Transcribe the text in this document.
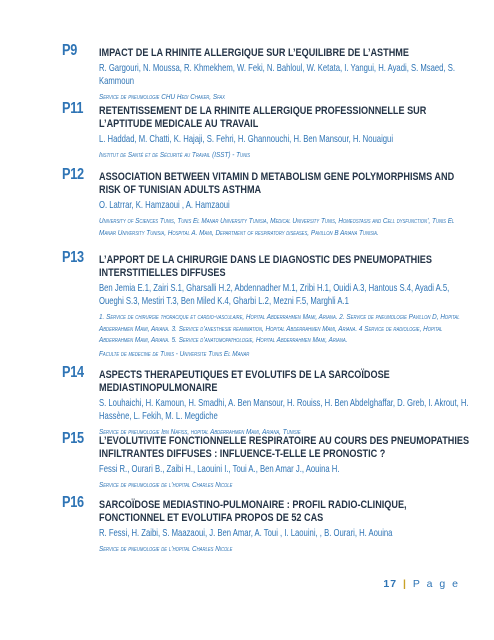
P9	IMPACT DE LA RHINITE ALLERGIQUE SUR L’EQUILIBRE DE L’ASTHME
R. Gargouri, N. Moussa, R. Khmekhem, W. Feki, N. Bahloul, W. Ketata, I. Yangui, H. Ayadi, S. Msaed, S. Kammoun
Service de pneumologie CHU Hedi Chaker, Sfax
P11	RETENTISSEMENT DE LA RHINITE ALLERGIQUE PROFESSIONNELLE SUR L’APTITUDE MEDICALE AU TRAVAIL
L. Haddad, M. Chatti, K. Hajaji, S. Fehri, H. Ghannouchi, H. Ben Mansour, H. Nouaigui
Institut de Santé et de Sécurité au Travail (ISST) - Tunis
P12	ASSOCIATION BETWEEN VITAMIN D METABOLISM GENE POLYMORPHISMS AND RISK OF TUNISIAN ADULTS ASTHMA
O. Latrrar, K. Hamzaoui , A. Hamzaoui
University of Sciences Tunis, Tunis El Manar University Tunisia, Medical University Tunis, Homeostasis and Cell dysfunction’, Tunis El Manar University Tunisia, Hospital A. Mami, Department of respiratory diseases, Pavillon B Ariana Tunisia.
P13	L’APPORT DE LA CHIRURGIE DANS LE DIAGNOSTIC DES PNEUMOPATHIES INTERSTITIELLES DIFFUSES
Ben Jemia E.1, Zairi S.1, Gharsalli H.2, Abdennadher M.1, Zribi H.1, Ouidi A.3, Hantous S.4, Ayadi A.5, Oueghi S.3, Mestiri T.3, Ben Miled K.4, Gharbi L.2, Mezni F.5, Marghli A.1
1. Service de chirurgie thoracique et cardio-vasculaire, Hopital Abderrahmen Mami, Ariana. 2. Service de pneumologie Pavillon D, Hopital Abderrahmen Mami, Ariana. 3. Service d’anesthesie reanimation, Hopital Abderrahmen Mami, Ariana. 4 Service de radiologie, Hopital Abderrahmen Mami, Ariana. 5. Service d’anatomopathologie, Hopital Abderrahmen Mami, Ariana.
Faculte de medecine de Tunis - Universite Tunis El Manar
P14	ASPECTS THERAPEUTIQUES ET EVOLUTIFS DE LA SARCOÏDOSE MEDIASTINOPULMONAIRE
S. Louhaichi, H. Kamoun, H. Smadhi, A. Ben Mansour, H. Rouiss, H. Ben Abdelghaffar, D. Greb, I. Akrout, H. Hassène, L. Fekih, M. L. Megdiche
Service de pneumologie Ibn Nafiss, hopital Abderrahmen Mami, Ariana, Tunisie
P15	L’EVOLUTIVITE FONCTIONNELLE RESPIRATOIRE AU COURS DES PNEUMOPATHIES INFILTRANTES DIFFUSES : INFLUENCE-T-ELLE LE PRONOSTIC ?
Fessi R., Ourari B., Zaibi H., Laouini I., Toui A., Ben Amar J., Aouina H.
Service de pneumologie de l’hopital Charles Nicole
P16	SARCOÏDOSE MEDIASTINO-PULMONAIRE : PROFIL RADIO-CLINIQUE, FONCTIONNEL ET EVOLUTIFA PROPOS DE 52 CAS
R. Fessi, H. Zaibi, S. Maazaoui, J. Ben Amar, A. Toui , I. Laouini, , B. Ourari, H. Aouina
Service de pneumologie de l’hopital Charles Nicole
17 | P a g e
